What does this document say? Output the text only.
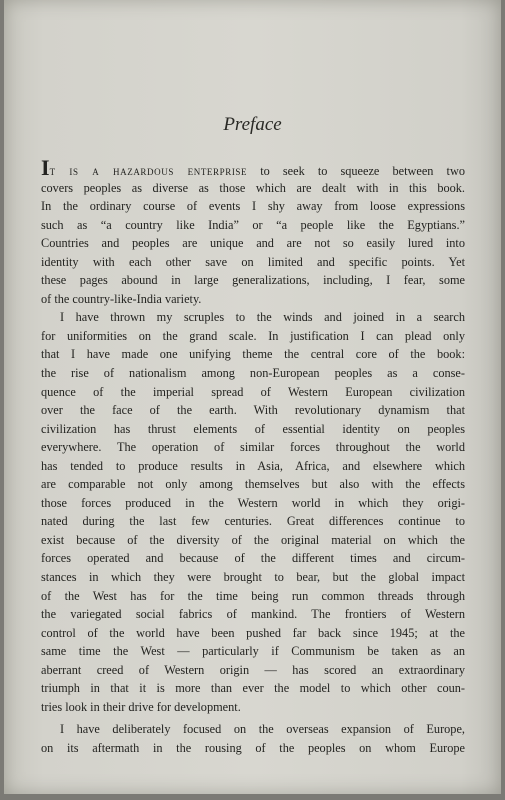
Preface
It is a hazardous enterprise to seek to squeeze between two
covers peoples as diverse as those which are dealt with in this book.
In the ordinary course of events I shy away from loose expressions
such as “a country like India” or “a people like the Egyptians.”
Countries and peoples are unique and are not so easily lured into
identity with each other save on limited and specific points. Yet
these pages abound in large generalizations, including, I fear, some
of the country-like-India variety.
I have thrown my scruples to the winds and joined in a search
for uniformities on the grand scale. In justification I can plead only
that I have made one unifying theme the central core of the book:
the rise of nationalism among non-European peoples as a conse-
quence of the imperial spread of Western European civilization
over the face of the earth. With revolutionary dynamism that
civilization has thrust elements of essential identity on peoples
everywhere. The operation of similar forces throughout the world
has tended to produce results in Asia, Africa, and elsewhere which
are comparable not only among themselves but also with the effects
those forces produced in the Western world in which they origi-
nated during the last few centuries. Great differences continue to
exist because of the diversity of the original material on which the
forces operated and because of the different times and circum-
stances in which they were brought to bear, but the global impact
of the West has for the time being run common threads through
the variegated social fabrics of mankind. The frontiers of Western
control of the world have been pushed far back since 1945; at the
same time the West — particularly if Communism be taken as an
aberrant creed of Western origin — has scored an extraordinary
triumph in that it is more than ever the model to which other coun-
tries look in their drive for development.
I have deliberately focused on the overseas expansion of Europe,
on its aftermath in the rousing of the peoples on whom Europe
